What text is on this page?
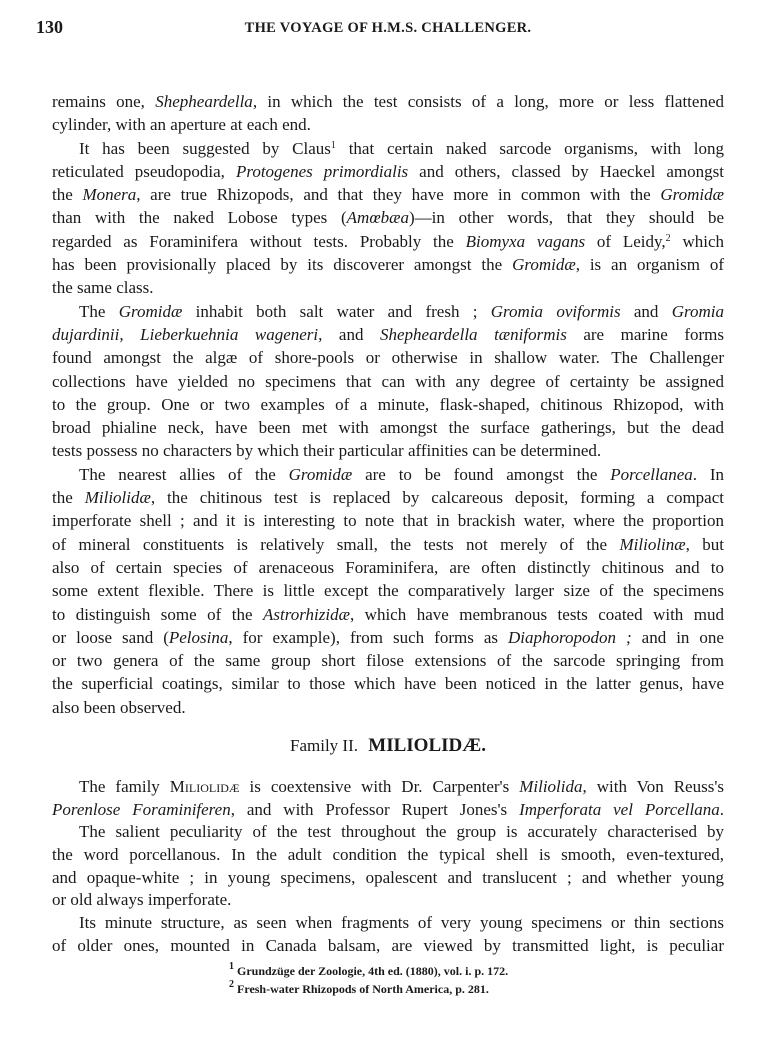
130	THE VOYAGE OF H.M.S. CHALLENGER.
remains one, Shepheardella, in which the test consists of a long, more or less flattened
cylinder, with an aperture at each end.
It has been suggested by Claus$^1$ that certain naked sarcode organisms, with long
reticulated pseudopodia, Protogenes primordialis and others, classed by Haeckel amongst
the Monera, are true Rhizopods, and that they have more in common with the Gromidæ
than with the naked Lobose types (Amœbæa)—in other words, that they should be
regarded as Foraminifera without tests. Probably the Biomyxa vagans of Leidy,$^2$ which
has been provisionally placed by its discoverer amongst the Gromidæ, is an organism of
the same class.
The Gromidæ inhabit both salt water and fresh ; Gromia oviformis and Gromia
dujardinii, Lieberkuehnia wageneri, and Shepheardella tæniformis are marine forms
found amongst the algæ of shore-pools or otherwise in shallow water. The Challenger
collections have yielded no specimens that can with any degree of certainty be assigned
to the group. One or two examples of a minute, flask-shaped, chitinous Rhizopod, with
broad phialine neck, have been met with amongst the surface gatherings, but the dead
tests possess no characters by which their particular affinities can be determined.
The nearest allies of the Gromidæ are to be found amongst the Porcellanea. In
the Miliolidæ, the chitinous test is replaced by calcareous deposit, forming a compact
imperforate shell ; and it is interesting to note that in brackish water, where the proportion
of mineral constituents is relatively small, the tests not merely of the Miliolinæ, but
also of certain species of arenaceous Foraminifera, are often distinctly chitinous and to
some extent flexible. There is little except the comparatively larger size of the specimens
to distinguish some of the Astrorhizidæ, which have membranous tests coated with mud
or loose sand (Pelosina, for example), from such forms as Diaphoropodon ; and in one
or two genera of the same group short filose extensions of the sarcode springing from
the superficial coatings, similar to those which have been noticed in the latter genus, have
also been observed.
Family II. MILIOLIDÆ.
The family Miliolidæ is coextensive with Dr. Carpenter's Miliolida, with Von Reuss's
Porenlose Foraminiferen, and with Professor Rupert Jones's Imperforata vel Porcellana.
The salient peculiarity of the test throughout the group is accurately characterised by
the word porcellanous. In the adult condition the typical shell is smooth, even-textured,
and opaque-white ; in young specimens, opalescent and translucent ; and whether young
or old always imperforate.
Its minute structure, as seen when fragments of very young specimens or thin sections
of older ones, mounted in Canada balsam, are viewed by transmitted light, is peculiar
$^1$ Grundzüge der Zoologie, 4th ed. (1880), vol. i. p. 172.
$^2$ Fresh-water Rhizopods of North America, p. 281.
